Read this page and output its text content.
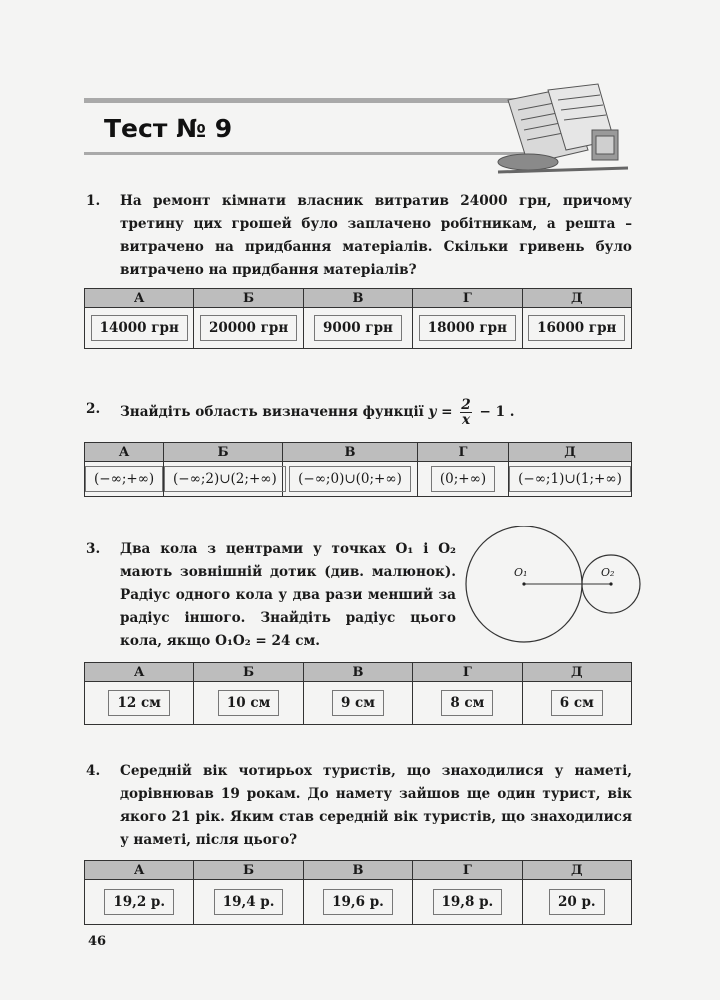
Тест № 9
1.	На ремонт кімнати власник витратив 24000 грн, причому третину цих грошей було заплачено робітникам, а решта – витрачено на придбання матеріалів. Скільки гривень було витрачено на придбання матеріалів?
А	Б	В	Г	Д
14000 грн	20000 грн	9000 грн	18000 грн	16000 грн
2.	Знайдіть область визначення функції $y = \frac{2}{x} - 1$ .
А	Б	В	Г	Д
(−∞;+∞)	(−∞;2)∪(2;+∞)	(−∞;0)∪(0;+∞)	(0;+∞)	(−∞;1)∪(1;+∞)
3.	Два кола з центрами у точках O₁ і O₂ мають зовнішній дотик (див. малюнок). Радіус одного кола у два рази менший за радіус іншого. Знайдіть радіус цього кола, якщо O₁O₂ = 24 см.
O₁	O₂
А	Б	В	Г	Д
12 см	10 см	9 см	8 см	6 см
4.	Середній вік чотирьох туристів, що знаходилися у наметі, дорівнював 19 рокам. До намету зайшов ще один турист, вік якого 21 рік. Яким став середній вік туристів, що знаходилися у наметі, після цього?
А	Б	В	Г	Д
19,2 р.	19,4 р.	19,6 р.	19,8 р.	20 р.
46
